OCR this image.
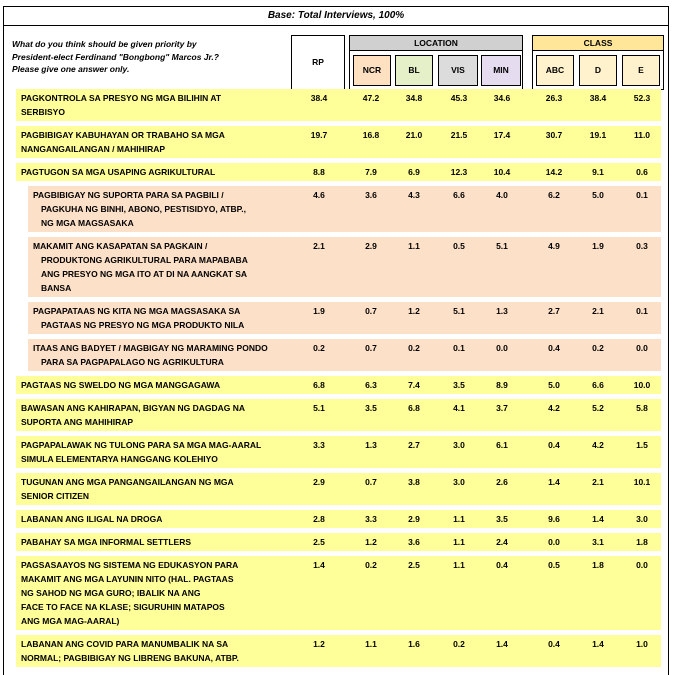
Base: Total Interviews, 100%
What do you think should be given priority by
President-elect Ferdinand "Bongbong" Marcos Jr.?
Please give one answer only.
RP
LOCATION	CLASS
NCR	BL	VIS	MIN	ABC	D	E
PAGKONTROLA SA PRESYO NG MGA BILIHIN AT
SERBISYO
38.4	47.2	34.8	45.3	34.6	26.3	38.4	52.3
PAGBIBIGAY KABUHAYAN OR TRABAHO SA MGA
NANGANGAILANGAN / MAHIHIRAP
19.7	16.8	21.0	21.5	17.4	30.7	19.1	11.0
PAGTUGON SA MGA USAPING AGRIKULTURAL	8.8	7.9	6.9	12.3	10.4	14.2	9.1	0.6
PAGBIBIGAY NG SUPORTA PARA SA PAGBILI /
PAGKUHA NG BINHI, ABONO, PESTISIDYO, ATBP.,
NG MGA MAGSASAKA
4.6	3.6	4.3	6.6	4.0	6.2	5.0	0.1
MAKAMIT ANG KASAPATAN SA PAGKAIN /
PRODUKTONG AGRIKULTURAL PARA MAPABABA
ANG PRESYO NG MGA ITO AT DI NA AANGKAT SA
BANSA
2.1	2.9	1.1	0.5	5.1	4.9	1.9	0.3
PAGPAPATAAS NG KITA NG MGA MAGSASAKA SA
PAGTAAS NG PRESYO NG MGA PRODUKTO NILA
1.9	0.7	1.2	5.1	1.3	2.7	2.1	0.1
ITAAS ANG BADYET / MAGBIGAY NG MARAMING PONDO
PARA SA PAGPAPALAGO NG AGRIKULTURA
0.2	0.7	0.2	0.1	0.0	0.4	0.2	0.0
PAGTAAS NG SWELDO NG MGA MANGGAGAWA	6.8	6.3	7.4	3.5	8.9	5.0	6.6	10.0
BAWASAN ANG KAHIRAPAN, BIGYAN NG DAGDAG NA
SUPORTA ANG MAHIHIRAP
5.1	3.5	6.8	4.1	3.7	4.2	5.2	5.8
PAGPAPALAWAK NG TULONG PARA SA MGA MAG-AARAL
SIMULA ELEMENTARYA HANGGANG KOLEHIYO
3.3	1.3	2.7	3.0	6.1	0.4	4.2	1.5
TUGUNAN ANG MGA PANGANGAILANGAN NG MGA
SENIOR CITIZEN
2.9	0.7	3.8	3.0	2.6	1.4	2.1	10.1
LABANAN ANG ILIGAL NA DROGA	2.8	3.3	2.9	1.1	3.5	9.6	1.4	3.0
PABAHAY SA MGA INFORMAL SETTLERS	2.5	1.2	3.6	1.1	2.4	0.0	3.1	1.8
PAGSASAAYOS NG SISTEMA NG EDUKASYON PARA
MAKAMIT ANG MGA LAYUNIN NITO (HAL. PAGTAAS
NG SAHOD NG MGA GURO; IBALIK NA ANG
FACE TO FACE NA KLASE; SIGURUHIN MATAPOS
ANG MGA MAG-AARAL)
1.4	0.2	2.5	1.1	0.4	0.5	1.8	0.0
LABANAN ANG COVID PARA MANUMBALIK NA SA
NORMAL; PAGBIBIGAY NG LIBRENG BAKUNA, ATBP.
1.2	1.1	1.6	0.2	1.4	0.4	1.4	1.0
